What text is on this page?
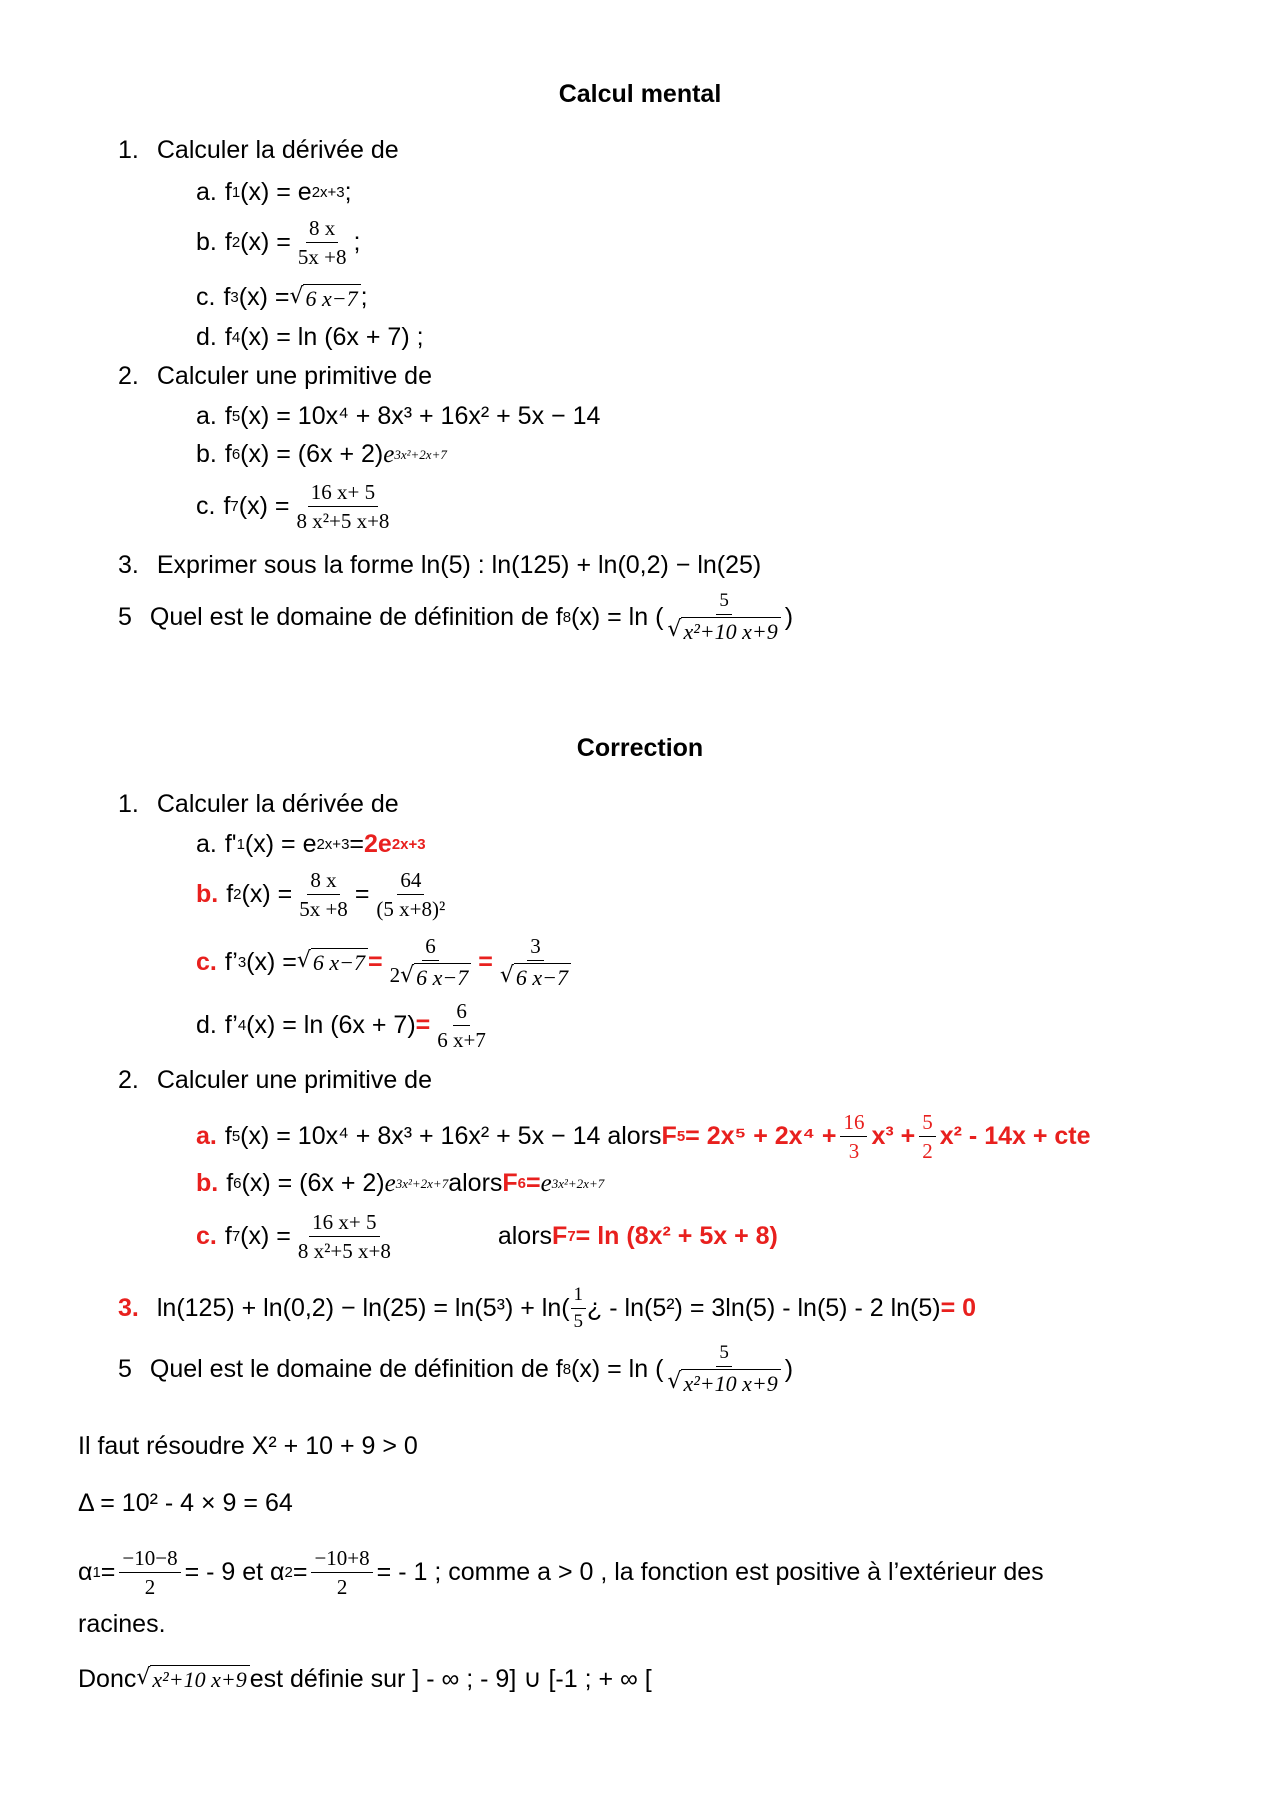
Calcul mental
1. Calculer la dérivée de
a. f 1 (x) = e 2x+3 ;
b. f 2 $(x) = \frac{8 x}{5x +8}$ ;
c. f 3 (x) = √ 6 x−7 ;
d. f 4 (x) = ln (6x + 7) ;
2. Calculer une primitive de
a. f 5 (x) = 10x⁴ + 8x³ + 16x² + 5x − 14
b. f 6 (x) = (6x + 2) e 3x²+2x+7
c. f 7 $(x) = \frac{16 x+ 5}{\text{8 x²+5 x+8}}$
3. Exprimer sous la forme ln(5) : ln(125) + ln(0,2) − ln(25)
5 Quel est le domaine de définition de f 8 (x) = ln ( $\frac{5}{\text{√ x²+10 x+9}}$ )
Correction
1. Calculer la dérivée de
a. f' 1 (x) = e 2x+3 = 2e 2x+3
b. f 2 $(x) = \frac{8 x}{5x +8} = \frac{64}{\text{(5 x+8)²}}$
c. f’ 3 (x) = √ 6 $x-7 = \frac{6}{2 √ 6 x-7} = \frac{3}{√ 6 x-7}$
d. f’ 4 $(x) = \ln (6x + 7) = \frac{6}{6 x+7}$
2. Calculer une primitive de
a. f 5 (x) = 10x⁴ + 8x³ + 16x² + 5x − 14 alors F $5 = 2x^5 + 2x^4 + \frac{16}{3} x^3 + \frac{5}{2} x^2 - 14x$ + cte
b. f 6 (x) = (6x + 2) e 3x²+2x+7 alors F 6 = e 3x²+2x+7
c. f 7 $(x) = \frac{16 x+ 5}{\text{8 x²+5 x+8}}$	alors F 7 = ln (8x² + 5x + 8)
3. $\ln(125) + \ln(0,2) - \ln(25) = \ln(5^3) + \ln( \frac{1}{5}$ ¿ - ln(5²) = 3ln(5) - ln(5) - 2 ln(5) = 0
5 Quel est le domaine de définition de f 8 (x) = ln ( $\frac{5}{\text{√ x²+10 x+9}}$ )
Il faut résoudre X² + 10 + 9 > 0
Δ = 10² - 4 × 9 = 64
α $1 = \frac{-10-8}{2}$ = - 9 et α $2 = \frac{-10+8}{2}$ = - 1 ; comme a > 0 , la fonction est positive à l’extérieur des
racines.
Donc √ x²+10 x+9 est définie sur ] - ∞ ; - 9] ∪ [-1 ; + ∞ [
